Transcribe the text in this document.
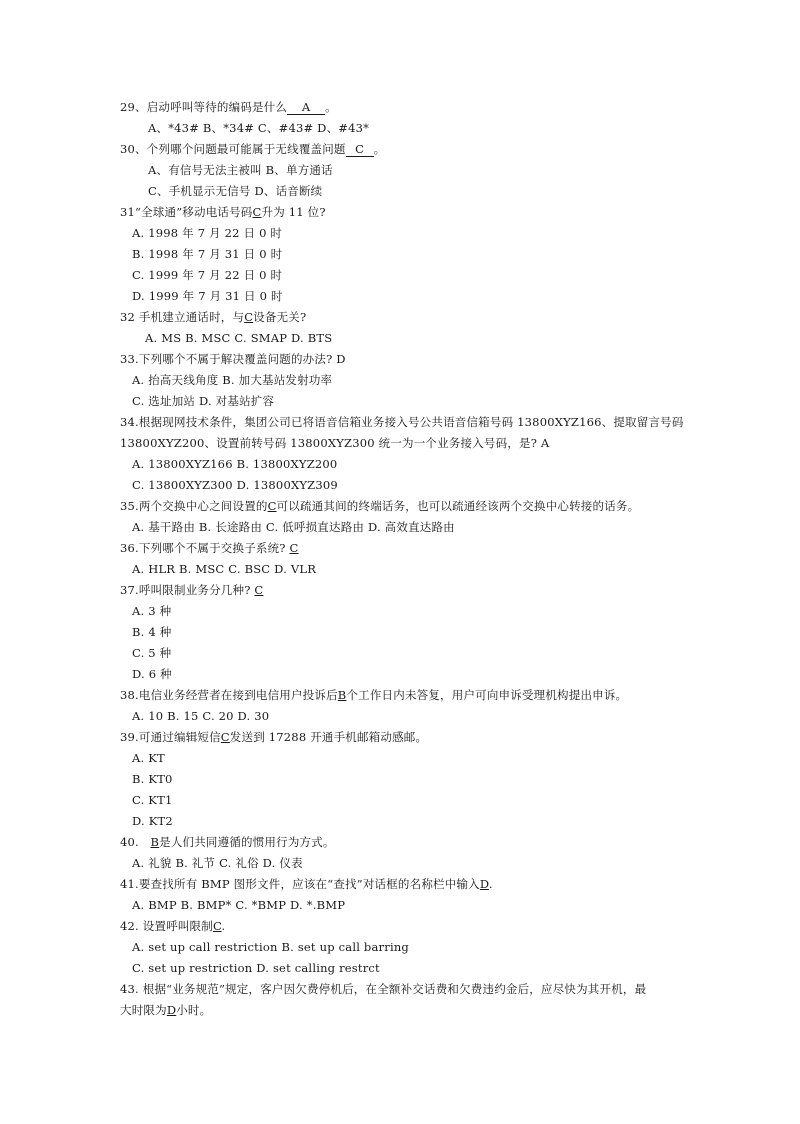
29、启动呼叫等待的编码是什么 A 。
A、*43# B、*34# C、#43# D、#43*
30、个列哪个问题最可能属于无线覆盖问题 C 。
A、有信号无法主被叫 B、单方通话
C、手机显示无信号 D、话音断续
31“全球通”移动电话号码C升为 11 位?
A. 1998 年 7 月 22 日 0 时
B. 1998 年 7 月 31 日 0 时
C. 1999 年 7 月 22 日 0 时
D. 1999 年 7 月 31 日 0 时
32 手机建立通话时，与C设备无关?
A. MS B. MSC C. SMAP D. BTS
33.下列哪个不属于解决覆盖问题的办法? D
A. 抬高天线角度 B. 加大基站发射功率
C. 选址加站 D. 对基站扩容
34.根据现网技术条件，集团公司已将语音信箱业务接入号公共语音信箱号码 13800XYZ166、提取留言号码
13800XYZ200、设置前转号码 13800XYZ300 统一为一个业务接入号码，是? A
A. 13800XYZ166 B. 13800XYZ200
C. 13800XYZ300 D. 13800XYZ309
35.两个交换中心之间设置的C可以疏通其间的终端话务，也可以疏通经该两个交换中心转接的话务。
A. 基干路由 B. 长途路由 C. 低呼损直达路由 D. 高效直达路由
36.下列哪个不属于交换子系统? C
A. HLR B. MSC C. BSC D. VLR
37.呼叫限制业务分几种? C
A. 3 种
B. 4 种
C. 5 种
D. 6 种
38.电信业务经营者在接到电信用户投诉后B个工作日内未答复，用户可向申诉受理机构提出申诉。
A. 10 B. 15 C. 20 D. 30
39.可通过编辑短信C发送到 17288 开通手机邮箱动感邮。
A. KT
B. KT0
C. KT1
D. KT2
40.   B是人们共同遵循的惯用行为方式。
A. 礼貌 B. 礼节 C. 礼俗 D. 仪表
41.要查找所有 BMP 图形文件，应该在“查找”对话框的名称栏中输入D.
A. BMP B. BMP* C. *BMP D. *.BMP
42. 设置呼叫限制C.
A. set up call restriction B. set up call barring
C. set up restriction D. set calling restrct
43. 根据“业务规范”规定，客户因欠费停机后，在全额补交话费和欠费违约金后，应尽快为其开机，最
大时限为D小时。
